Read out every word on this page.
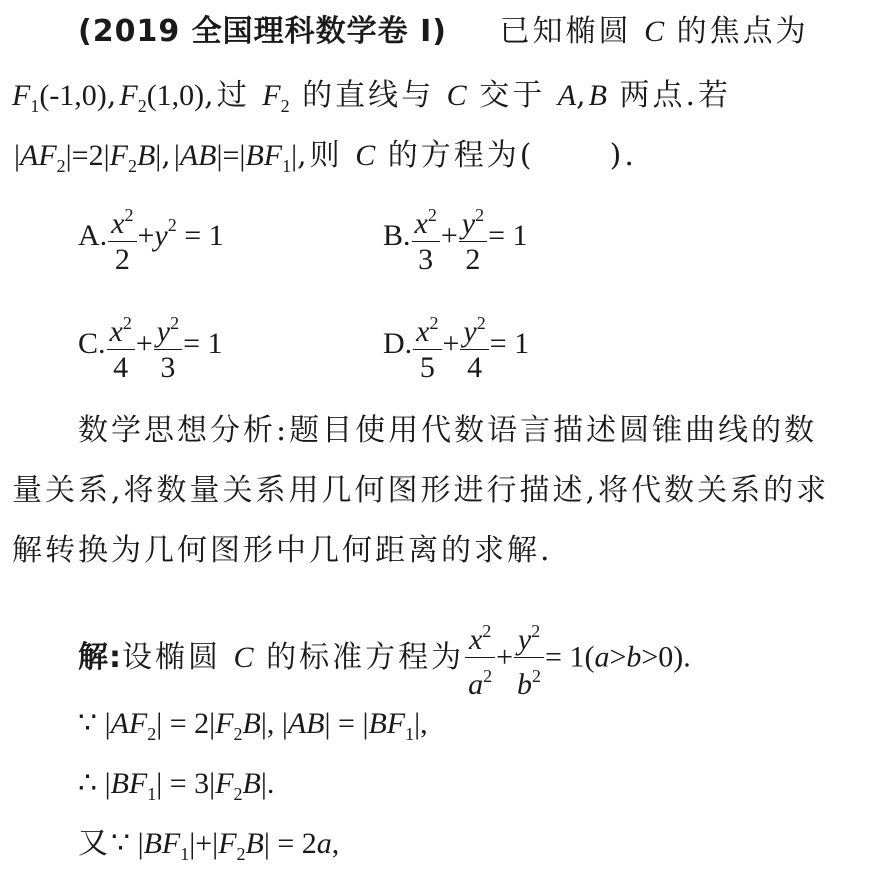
(2019 全国理科数学卷 Ⅰ) 已知椭圆 C 的焦点为
$F_1(-1,0),F_2(1,0)$,过 $F_2$ 的直线与 C 交于 A,B 两点.若
$|AF_2|=2|F_2B|,|AB|=|BF_1|$,则 C 的方程为(      ).
A. $\frac{x^2}{2} +y^2 = 1$	B. $\frac{x^2}{3} + \frac{y^2}{2} = 1$
C. $\frac{x^2}{4} + \frac{y^2}{3} = 1$	D. $\frac{x^2}{5} + \frac{y^2}{4} = 1$
数学思想分析:题目使用代数语言描述圆锥曲线的数
量关系,将数量关系用几何图形进行描述,将代数关系的求
解转换为几何图形中几何距离的求解.
解:设椭圆 C 的标准方程为 $\frac{x^2}{a^2} + \frac{y^2}{b^2} = 1(a>b>0)$.
∵ $|AF_2| = 2|F_2B|$, $|AB| = |BF_1|$,
∴ $|BF_1| = 3|F_2B|$.
又∵ $|BF_1|+|F_2B| = 2a$,
